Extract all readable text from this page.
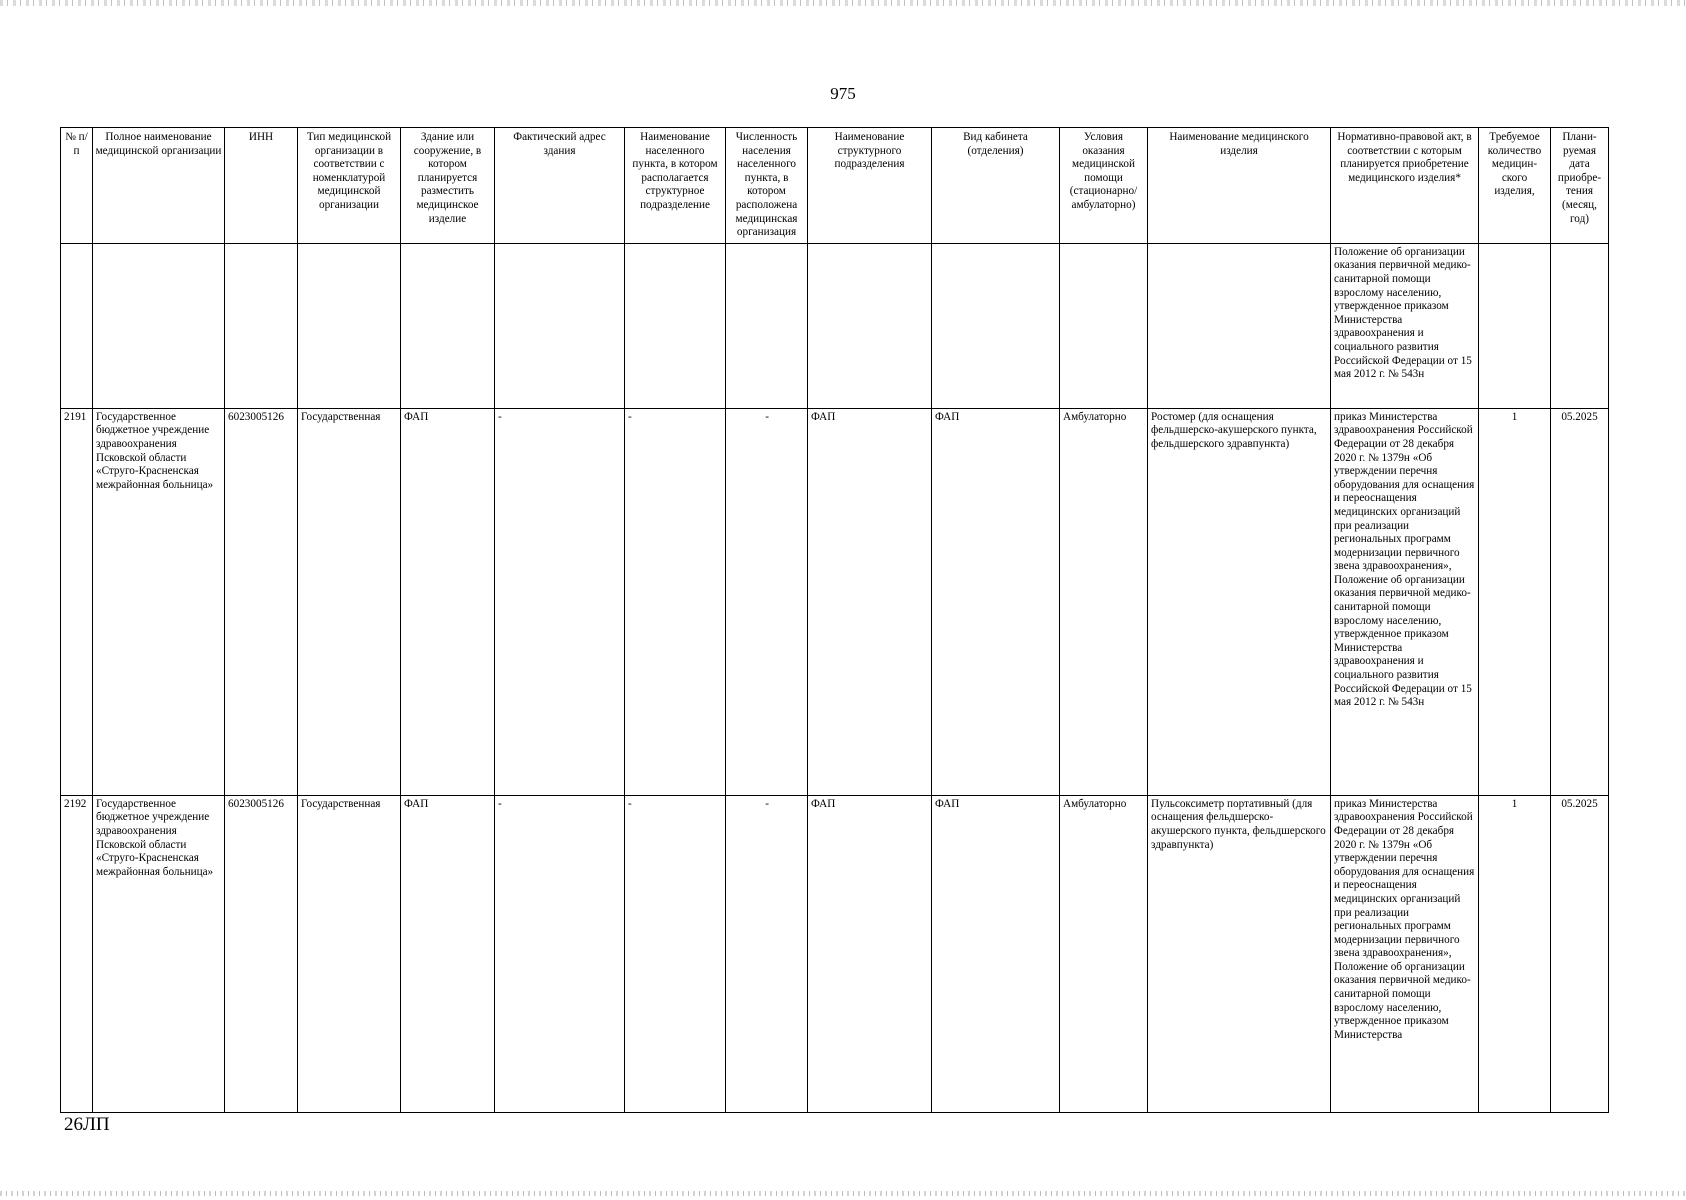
975
№ п/п	Полное наименование медицинской организации	ИНН	Тип медицинской организации в соответствии с номенклатурой медицинской организации	Здание или сооружение, в котором планируется разместить медицинское изделие	Фактический адрес здания	Наименование населенного пункта, в котором располагается структурное подразделение	Численность населения населенного пункта, в котором расположена медицинская организация	Наименование структурного подразделения	Вид кабинета (отделения)	Условия оказания медицинской помощи (стационарно/ амбулаторно)	Наименование медицинского изделия	Нормативно-правовой акт, в соответствии с которым планируется приобретение медицинского изделия*	Требуемое количество медицин-ского изделия,	Плани-руемая дата приобре-тения (месяц, год)
												Положение об организации оказания первичной медико-санитарной помощи взрослому населению, утвержденное приказом Министерства здравоохранения и социального развития Российской Федерации от 15 мая 2012 г. № 543н		
2191	Государственное бюджетное учреждение здравоохранения Псковской области «Струго-Красненская межрайонная больница»	6023005126	Государственная	ФАП	-	-	-	ФАП	ФАП	Амбулаторно	Ростомер (для оснащения фельдшерско-акушерского пункта, фельдшерского здравпункта)	приказ Министерства здравоохранения Российской Федерации от 28 декабря 2020 г. № 1379н «Об утверждении перечня оборудования для оснащения и переоснащения медицинских организаций при реализации региональных программ модернизации первичного звена здравоохранения», Положение об организации оказания первичной медико-санитарной помощи взрослому населению, утвержденное приказом Министерства здравоохранения и социального развития Российской Федерации от 15 мая 2012 г. № 543н	1	05.2025
2192	Государственное бюджетное учреждение здравоохранения Псковской области «Струго-Красненская межрайонная больница»	6023005126	Государственная	ФАП	-	-	-	ФАП	ФАП	Амбулаторно	Пульсоксиметр портативный (для оснащения фельдшерско-акушерского пункта, фельдшерского здравпункта)	приказ Министерства здравоохранения Российской Федерации от 28 декабря 2020 г. № 1379н «Об утверждении перечня оборудования для оснащения и переоснащения медицинских организаций при реализации региональных программ модернизации первичного звена здравоохранения», Положение об организации оказания первичной медико-санитарной помощи взрослому населению, утвержденное приказом Министерства	1	05.2025
26ЛП
